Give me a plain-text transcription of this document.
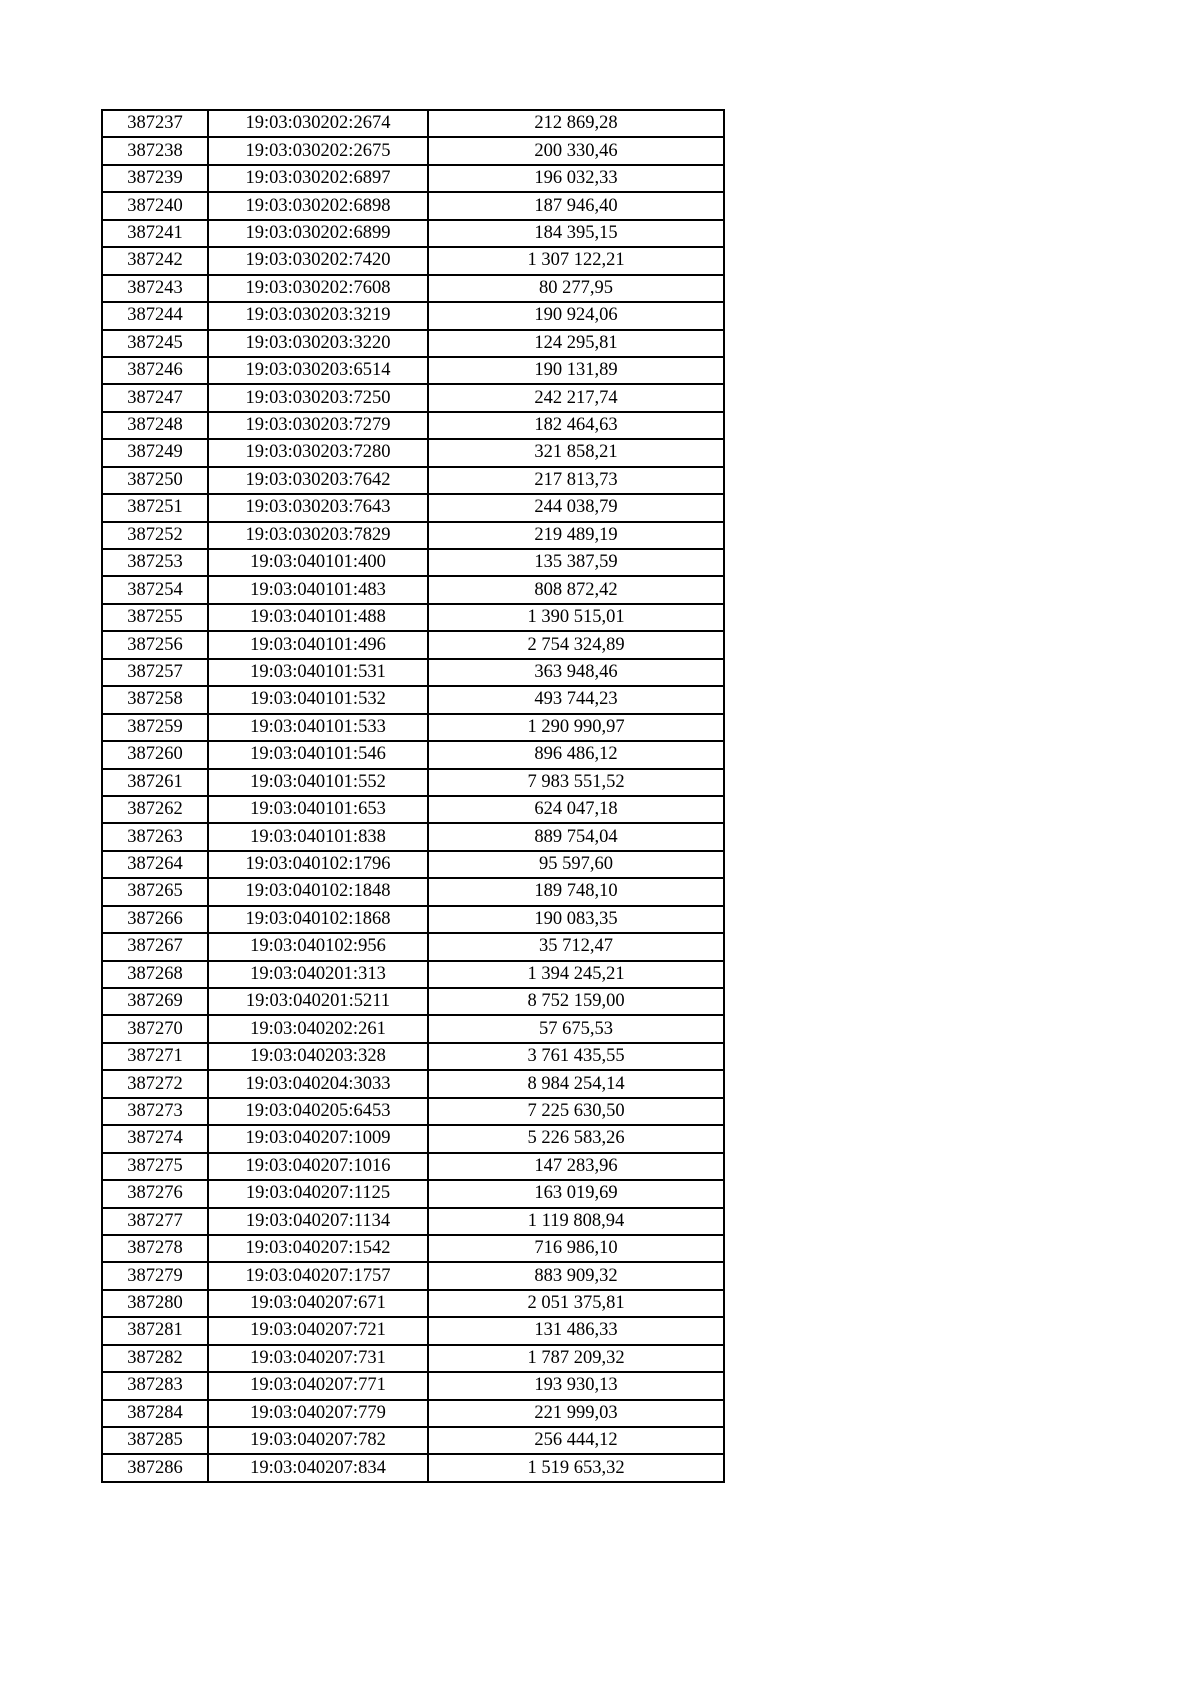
387237	19:03:030202:2674	212 869,28
387238	19:03:030202:2675	200 330,46
387239	19:03:030202:6897	196 032,33
387240	19:03:030202:6898	187 946,40
387241	19:03:030202:6899	184 395,15
387242	19:03:030202:7420	1 307 122,21
387243	19:03:030202:7608	80 277,95
387244	19:03:030203:3219	190 924,06
387245	19:03:030203:3220	124 295,81
387246	19:03:030203:6514	190 131,89
387247	19:03:030203:7250	242 217,74
387248	19:03:030203:7279	182 464,63
387249	19:03:030203:7280	321 858,21
387250	19:03:030203:7642	217 813,73
387251	19:03:030203:7643	244 038,79
387252	19:03:030203:7829	219 489,19
387253	19:03:040101:400	135 387,59
387254	19:03:040101:483	808 872,42
387255	19:03:040101:488	1 390 515,01
387256	19:03:040101:496	2 754 324,89
387257	19:03:040101:531	363 948,46
387258	19:03:040101:532	493 744,23
387259	19:03:040101:533	1 290 990,97
387260	19:03:040101:546	896 486,12
387261	19:03:040101:552	7 983 551,52
387262	19:03:040101:653	624 047,18
387263	19:03:040101:838	889 754,04
387264	19:03:040102:1796	95 597,60
387265	19:03:040102:1848	189 748,10
387266	19:03:040102:1868	190 083,35
387267	19:03:040102:956	35 712,47
387268	19:03:040201:313	1 394 245,21
387269	19:03:040201:5211	8 752 159,00
387270	19:03:040202:261	57 675,53
387271	19:03:040203:328	3 761 435,55
387272	19:03:040204:3033	8 984 254,14
387273	19:03:040205:6453	7 225 630,50
387274	19:03:040207:1009	5 226 583,26
387275	19:03:040207:1016	147 283,96
387276	19:03:040207:1125	163 019,69
387277	19:03:040207:1134	1 119 808,94
387278	19:03:040207:1542	716 986,10
387279	19:03:040207:1757	883 909,32
387280	19:03:040207:671	2 051 375,81
387281	19:03:040207:721	131 486,33
387282	19:03:040207:731	1 787 209,32
387283	19:03:040207:771	193 930,13
387284	19:03:040207:779	221 999,03
387285	19:03:040207:782	256 444,12
387286	19:03:040207:834	1 519 653,32
